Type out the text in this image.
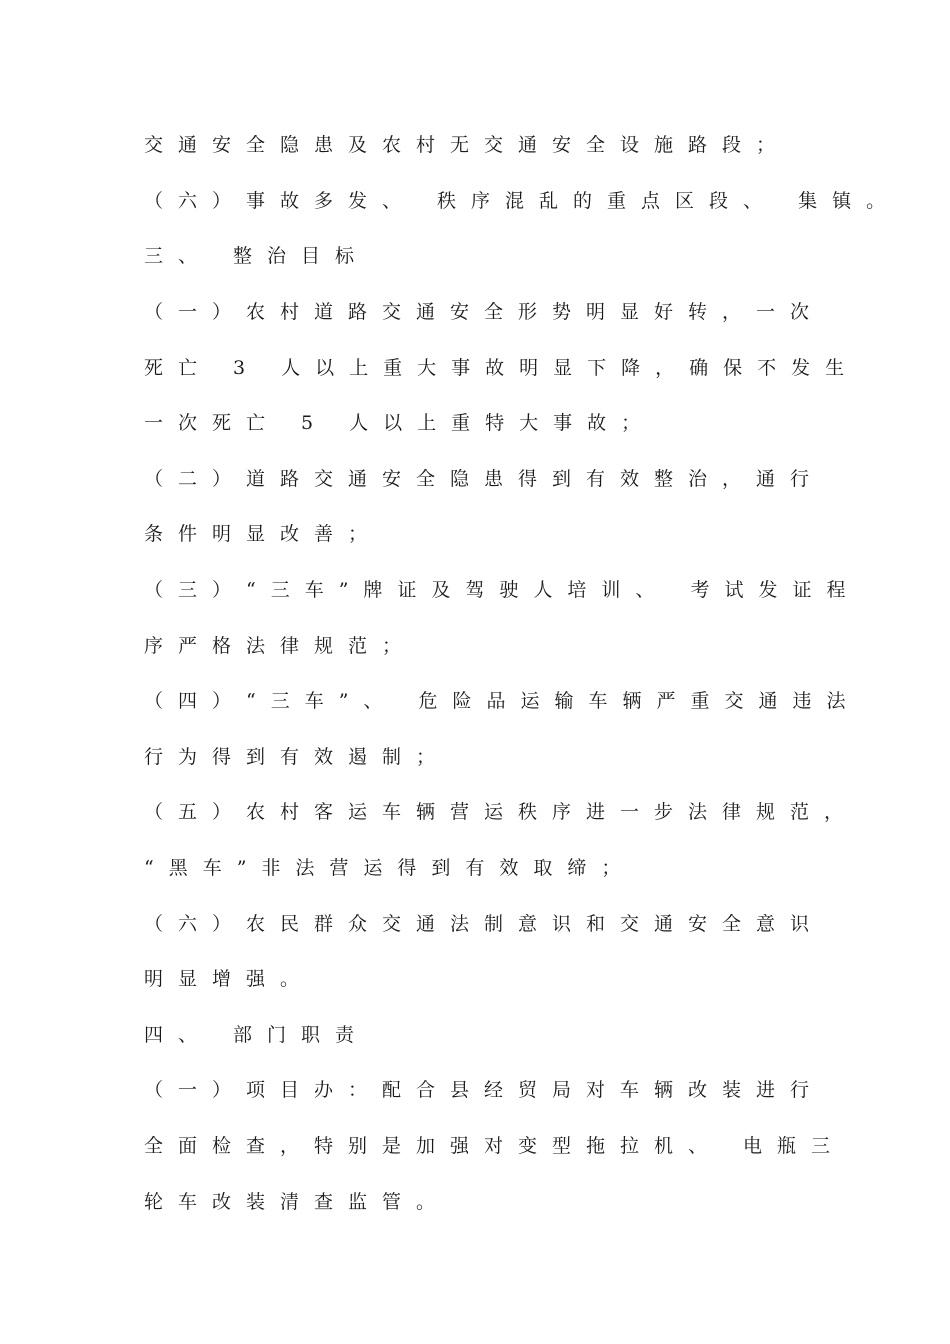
交通安全隐患及农村无交通安全设施路段；
（六）事故多发、 秩序混乱的重点区段、 集镇。
三、 整治目标
（一）农村道路交通安全形势明显好转，一次
死亡 3 人以上重大事故明显下降，确保不发生
一次死亡 5 人以上重特大事故；
（二）道路交通安全隐患得到有效整治，通行
条件明显改善；
（三）“三车”牌证及驾驶人培训、 考试发证程
序严格法律规范；
（四）“三车”、 危险品运输车辆严重交通违法
行为得到有效遏制；
（五）农村客运车辆营运秩序进一步法律规范，
“黑车”非法营运得到有效取缔；
（六）农民群众交通法制意识和交通安全意识
明显增强。
四、 部门职责
（一）项目办：配合县经贸局对车辆改装进行
全面检查，特别是加强对变型拖拉机、 电瓶三
轮车改装清查监管。
